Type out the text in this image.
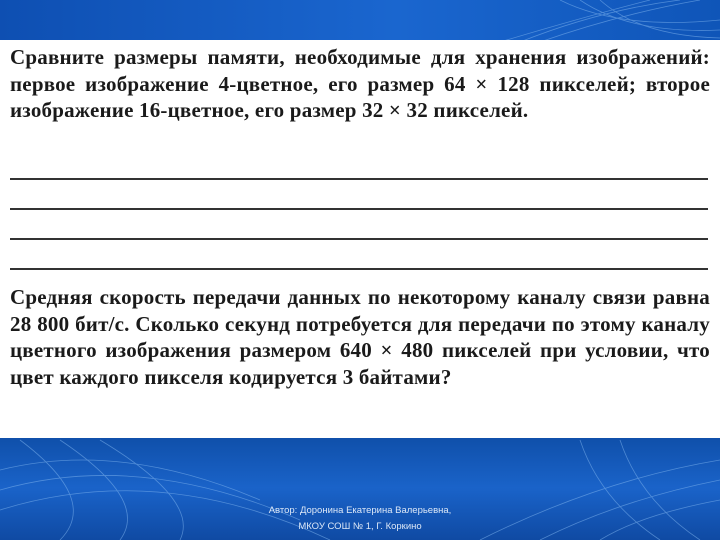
Сравните размеры памяти, необходимые для хранения изображений: первое изображение 4-цветное, его размер 64 × 128 пикселей; второе изображение 16-цветное, его размер 32 × 32 пикселей.

Средняя скорость передачи данных по некоторому каналу связи равна 28 800 бит/с. Сколько секунд потребуется для передачи по этому каналу цветного изображения размером 640 × 480 пикселей при условии, что цвет каждого пикселя кодируется 3 байтами?

Автор: Доронина Екатерина Валерьевна,
МКОУ СОШ № 1, Г. Коркино
